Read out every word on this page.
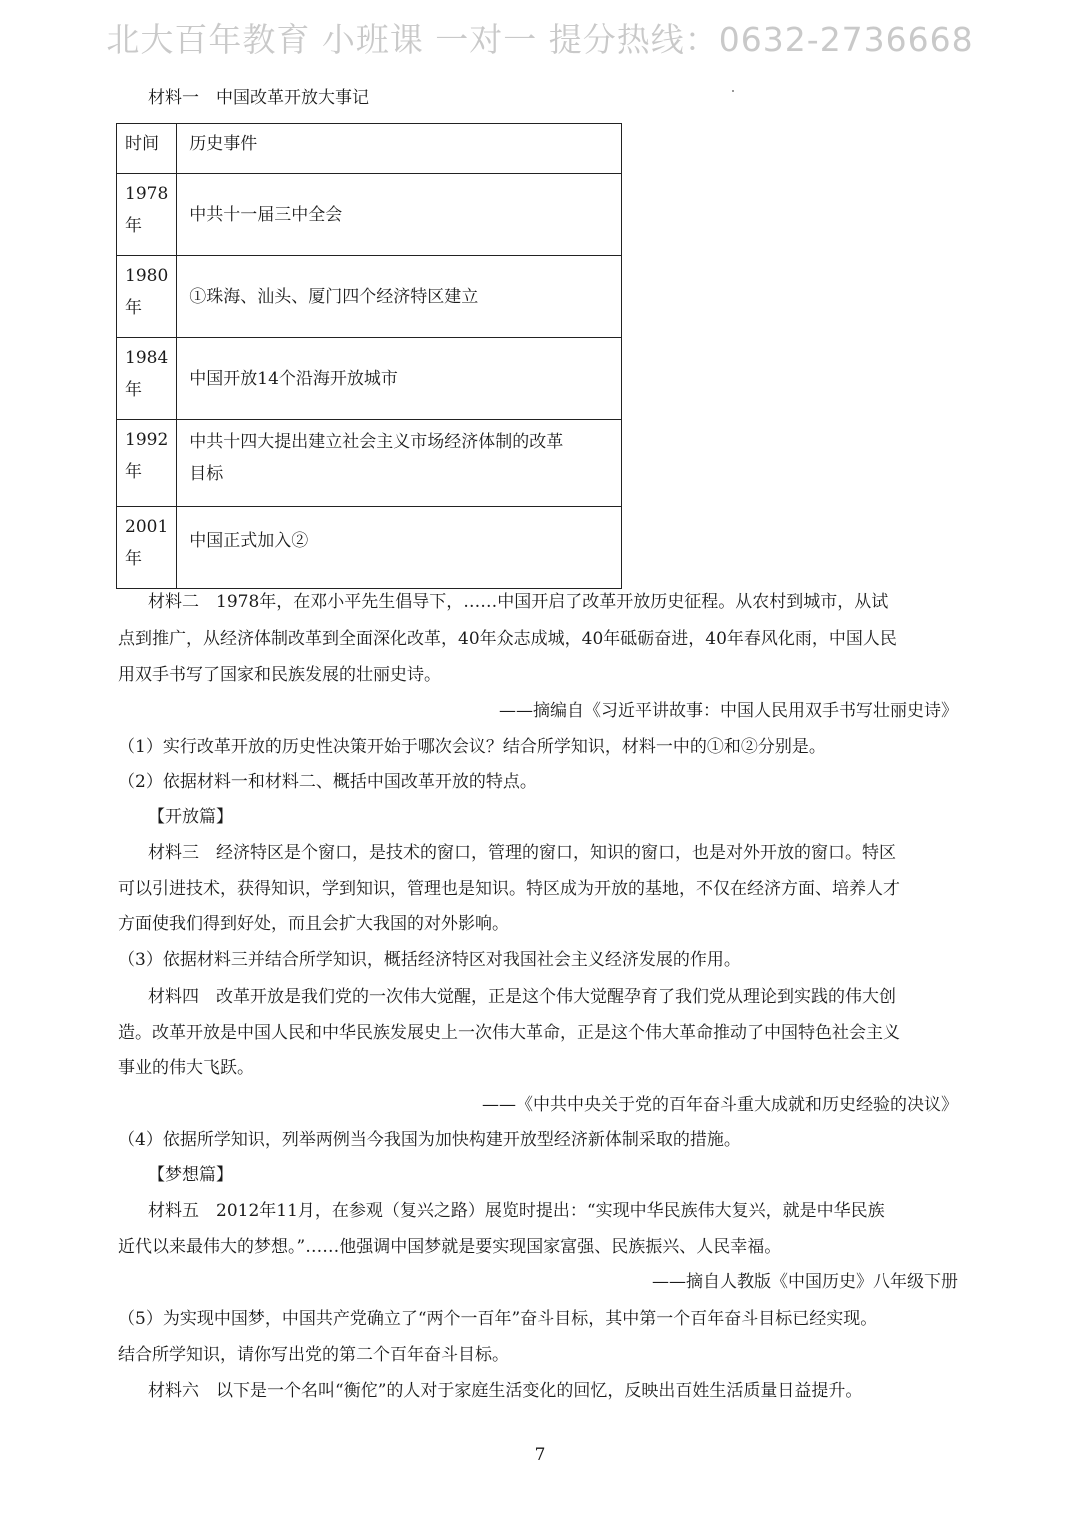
北大百年教育 小班课 一对一 提分热线：0632-2736668
材料一　中国改革开放大事记
时间	历史事件
1978
年	中共十一届三中全会
1980
年	①珠海、汕头、厦门四个经济特区建立
1984
年	中国开放14个沿海开放城市
1992
年	中共十四大提出建立社会主义市场经济体制的改革
目标
2001
年	中国正式加入②
材料二　1978年，在邓小平先生倡导下，……中国开启了改革开放历史征程。从农村到城市，从试
点到推广，从经济体制改革到全面深化改革，40年众志成城，40年砥砺奋进，40年春风化雨，中国人民
用双手书写了国家和民族发展的壮丽史诗。
——摘编自《习近平讲故事：中国人民用双手书写壮丽史诗》
（1）实行改革开放的历史性决策开始于哪次会议？结合所学知识，材料一中的①和②分别是。
（2）依据材料一和材料二、概括中国改革开放的特点。
【开放篇】
材料三　经济特区是个窗口，是技术的窗口，管理的窗口，知识的窗口，也是对外开放的窗口。特区
可以引进技术，获得知识，学到知识，管理也是知识。特区成为开放的基地，不仅在经济方面、培养人才
方面使我们得到好处，而且会扩大我国的对外影响。
（3）依据材料三并结合所学知识，概括经济特区对我国社会主义经济发展的作用。
材料四　改革开放是我们党的一次伟大觉醒，正是这个伟大觉醒孕育了我们党从理论到实践的伟大创
造。改革开放是中国人民和中华民族发展史上一次伟大革命，正是这个伟大革命推动了中国特色社会主义
事业的伟大飞跃。
——《中共中央关于党的百年奋斗重大成就和历史经验的决议》
（4）依据所学知识，列举两例当今我国为加快构建开放型经济新体制采取的措施。
【梦想篇】
材料五　2012年11月，在参观（复兴之路）展览时提出：“实现中华民族伟大复兴，就是中华民族
近代以来最伟大的梦想。”……他强调中国梦就是要实现国家富强、民族振兴、人民幸福。
——摘自人教版《中国历史》八年级下册
（5）为实现中国梦，中国共产党确立了“两个一百年”奋斗目标，其中第一个百年奋斗目标已经实现。
结合所学知识，请你写出党的第二个百年奋斗目标。
材料六　以下是一个名叫“衡佗”的人对于家庭生活变化的回忆，反映出百姓生活质量日益提升。
7
